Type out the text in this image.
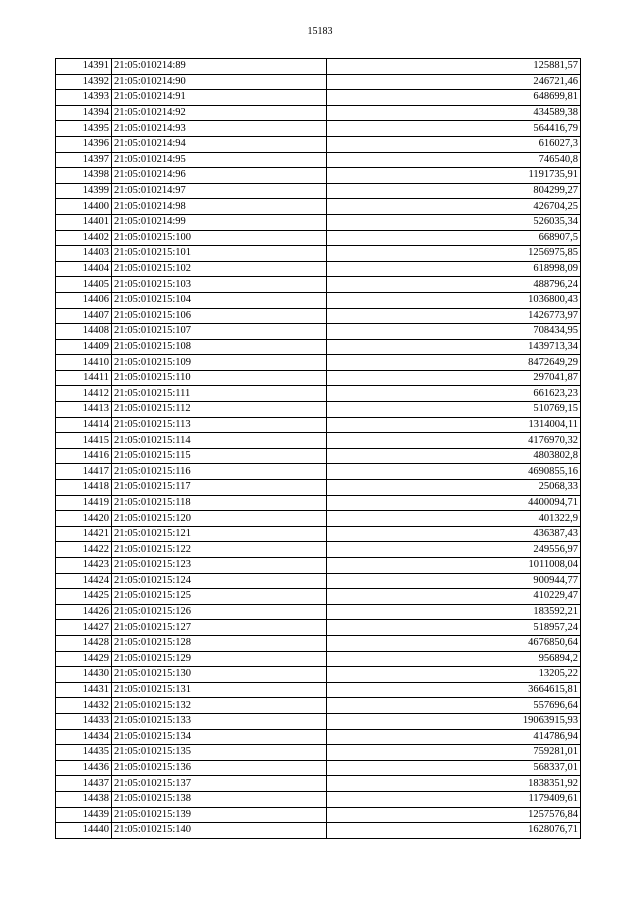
15183
14391	21:05:010214:89	125881,57
14392	21:05:010214:90	246721,46
14393	21:05:010214:91	648699,81
14394	21:05:010214:92	434589,38
14395	21:05:010214:93	564416,79
14396	21:05:010214:94	616027,3
14397	21:05:010214:95	746540,8
14398	21:05:010214:96	1191735,91
14399	21:05:010214:97	804299,27
14400	21:05:010214:98	426704,25
14401	21:05:010214:99	526035,34
14402	21:05:010215:100	668907,5
14403	21:05:010215:101	1256975,85
14404	21:05:010215:102	618998,09
14405	21:05:010215:103	488796,24
14406	21:05:010215:104	1036800,43
14407	21:05:010215:106	1426773,97
14408	21:05:010215:107	708434,95
14409	21:05:010215:108	1439713,34
14410	21:05:010215:109	8472649,29
14411	21:05:010215:110	297041,87
14412	21:05:010215:111	661623,23
14413	21:05:010215:112	510769,15
14414	21:05:010215:113	1314004,11
14415	21:05:010215:114	4176970,32
14416	21:05:010215:115	4803802,8
14417	21:05:010215:116	4690855,16
14418	21:05:010215:117	25068,33
14419	21:05:010215:118	4400094,71
14420	21:05:010215:120	401322,9
14421	21:05:010215:121	436387,43
14422	21:05:010215:122	249556,97
14423	21:05:010215:123	1011008,04
14424	21:05:010215:124	900944,77
14425	21:05:010215:125	410229,47
14426	21:05:010215:126	183592,21
14427	21:05:010215:127	518957,24
14428	21:05:010215:128	4676850,64
14429	21:05:010215:129	956894,2
14430	21:05:010215:130	13205,22
14431	21:05:010215:131	3664615,81
14432	21:05:010215:132	557696,64
14433	21:05:010215:133	19063915,93
14434	21:05:010215:134	414786,94
14435	21:05:010215:135	759281,01
14436	21:05:010215:136	568337,01
14437	21:05:010215:137	1838351,92
14438	21:05:010215:138	1179409,61
14439	21:05:010215:139	1257576,84
14440	21:05:010215:140	1628076,71
